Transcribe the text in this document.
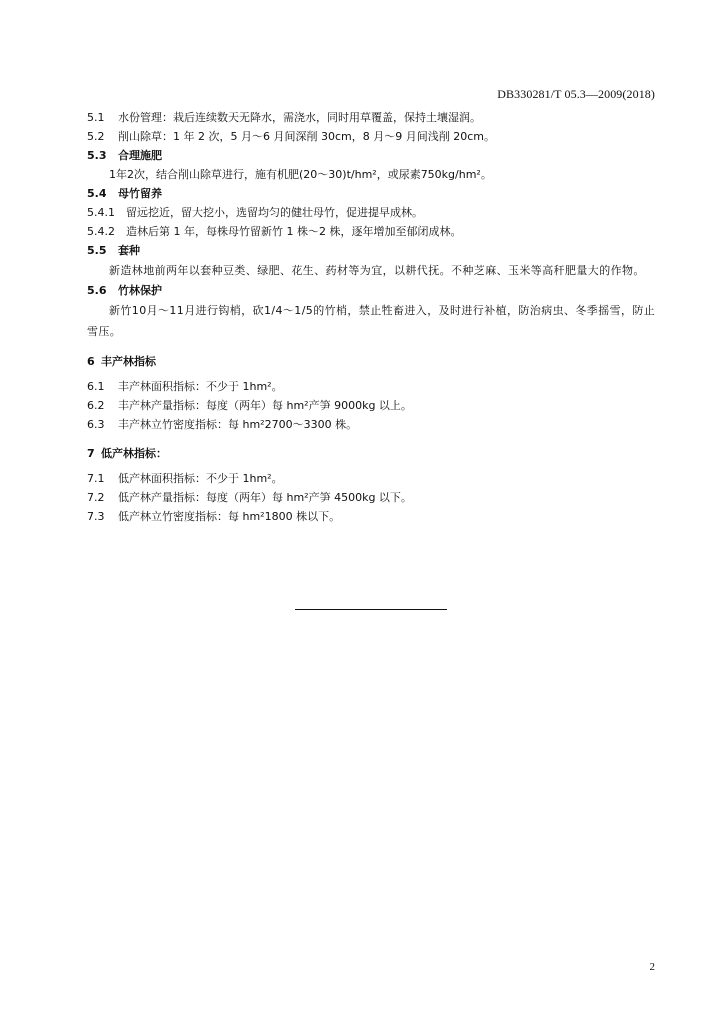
DB330281/T 05.3—2009(2018)
5.1 水份管理：栽后连续数天无降水，需浇水，同时用草覆盖，保持土壤湿润。
5.2 削山除草：1 年 2 次，5 月～6 月间深削 30cm，8 月～9 月间浅削 20cm。
5.3 合理施肥
1年2次，结合削山除草进行，施有机肥(20～30)t/hm²，或尿素750kg/hm²。
5.4 母竹留养
5.4.1 留远挖近，留大挖小，选留均匀的健壮母竹，促进提早成林。
5.4.2 造林后第 1 年，每株母竹留新竹 1 株～2 株，逐年增加至郁闭成林。
5.5 套种
新造林地前两年以套种豆类、绿肥、花生、药材等为宜，以耕代抚。不种芝麻、玉米等高秆肥量大的作物。
5.6 竹林保护
新竹10月～11月进行钩梢，砍1/4～1/5的竹梢，禁止牲畜进入，及时进行补植，防治病虫、冬季摇雪，防止雪压。
6 丰产林指标
6.1 丰产林面积指标：不少于 1hm²。
6.2 丰产林产量指标：每度（两年）每 hm²产笋 9000kg 以上。
6.3 丰产林立竹密度指标：每 hm²2700～3300 株。
7 低产林指标：
7.1 低产林面积指标：不少于 1hm²。
7.2 低产林产量指标：每度（两年）每 hm²产笋 4500kg 以下。
7.3 低产林立竹密度指标：每 hm²1800 株以下。
2
